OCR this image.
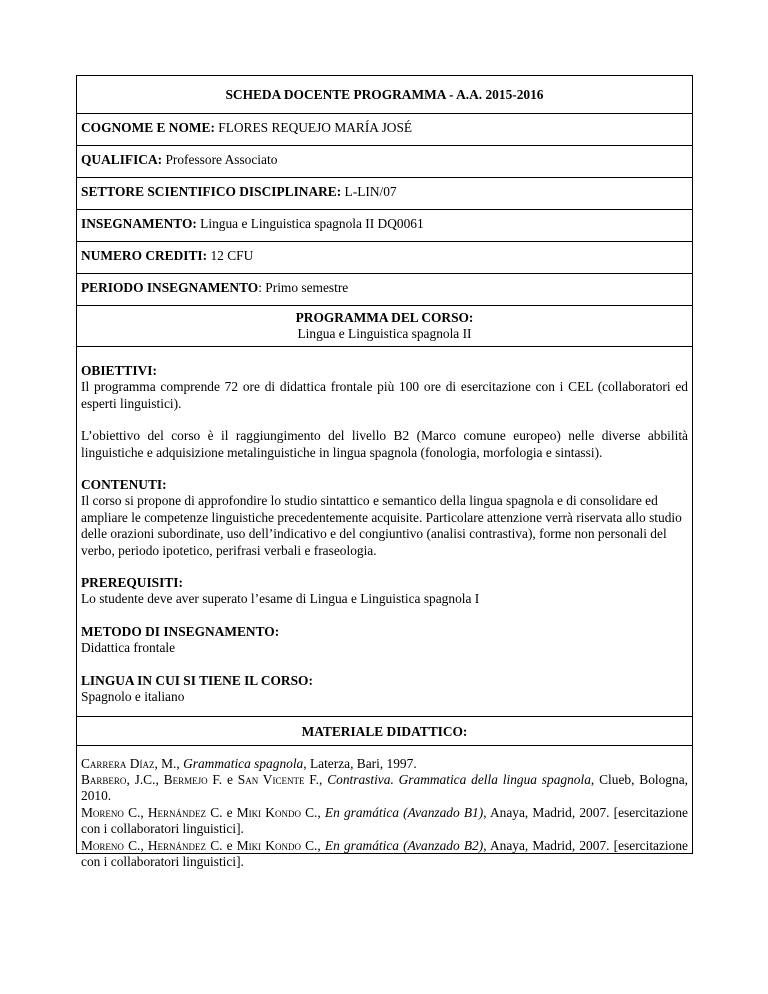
SCHEDA DOCENTE PROGRAMMA - A.A. 2015-2016
COGNOME E NOME: FLORES REQUEJO MARÍA JOSÉ
QUALIFICA: Professore Associato
SETTORE SCIENTIFICO DISCIPLINARE: L-LIN/07
INSEGNAMENTO: Lingua e Linguistica spagnola II DQ0061
NUMERO CREDITI: 12 CFU
PERIODO INSEGNAMENTO: Primo semestre
PROGRAMMA DEL CORSO:
Lingua e Linguistica spagnola II
OBIETTIVI:
Il programma comprende 72 ore di didattica frontale più 100 ore di esercitazione con i CEL (collaboratori ed esperti linguistici).
L’obiettivo del corso è il raggiungimento del livello B2 (Marco comune europeo) nelle diverse abbilità linguistiche e adquisizione metalinguistiche in lingua spagnola (fonologia, morfologia e sintassi).
CONTENUTI:
Il corso si propone di approfondire lo studio sintattico e semantico della lingua spagnola e di consolidare ed ampliare le competenze linguistiche precedentemente acquisite. Particolare attenzione verrà riservata allo studio delle orazioni subordinate, uso dell’indicativo e del congiuntivo (analisi contrastiva), forme non personali del verbo, periodo ipotetico, perifrasi verbali e fraseologia.
PREREQUISITI:
Lo studente deve aver superato l’esame di Lingua e Linguistica spagnola I
METODO DI INSEGNAMENTO:
Didattica frontale
LINGUA IN CUI SI TIENE IL CORSO:
Spagnolo e italiano
MATERIALE DIDATTICO:
Carrera Díaz, M., Grammatica spagnola, Laterza, Bari, 1997.
Barbero, J.C., Bermejo F. e San Vicente F., Contrastiva. Grammatica della lingua spagnola, Clueb, Bologna, 2010.
Moreno C., Hernández C. e Miki Kondo C., En gramática (Avanzado B1), Anaya, Madrid, 2007. [esercitazione con i collaboratori linguistici].
Moreno C., Hernández C. e Miki Kondo C., En gramática (Avanzado B2), Anaya, Madrid, 2007. [esercitazione con i collaboratori linguistici].
